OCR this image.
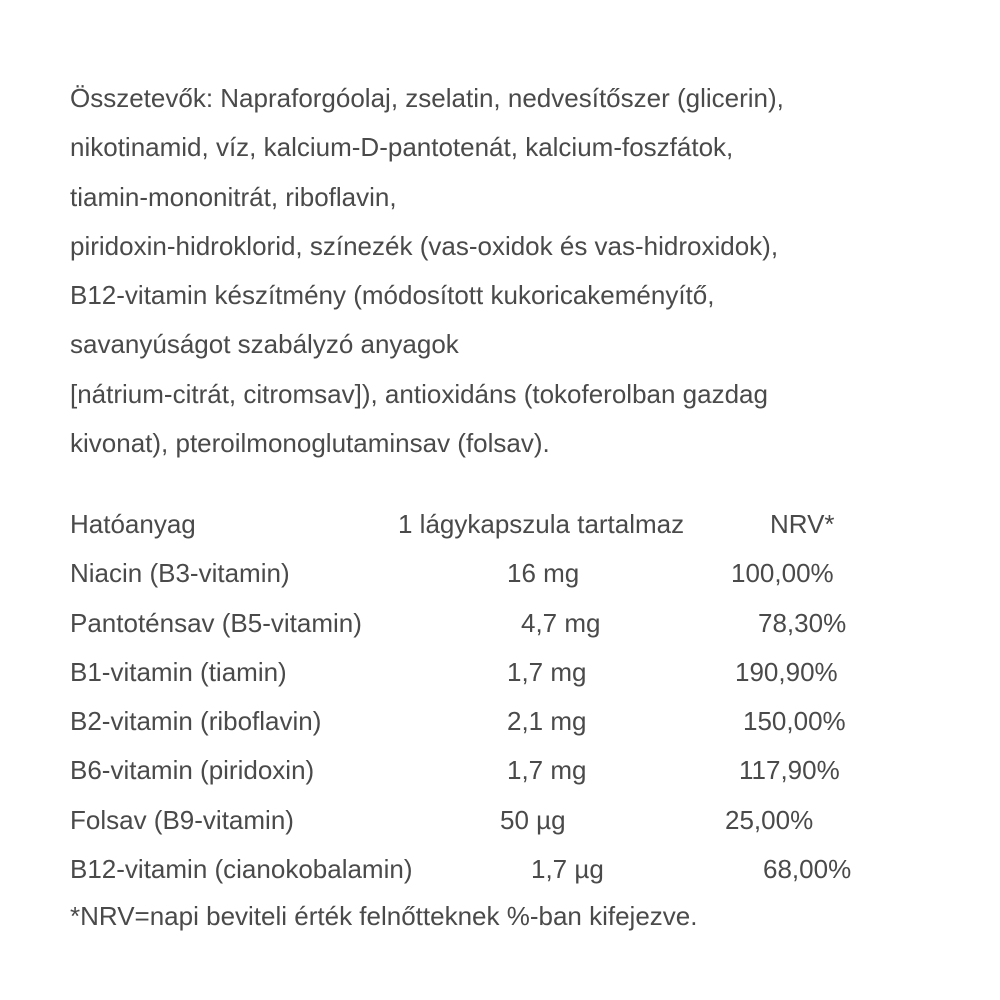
Összetevők: Napraforgóolaj, zselatin, nedvesítőszer (glicerin),
nikotinamid, víz, kalcium-D-pantotenát, kalcium-foszfátok,
tiamin-mononitrát, riboflavin,
piridoxin-hidroklorid, színezék (vas-oxidok és vas-hidroxidok),
B12-vitamin készítmény (módosított kukoricakeményítő,
savanyúságot szabályzó anyagok
[nátrium-citrát, citromsav]), antioxidáns (tokoferolban gazdag
kivonat), pteroilmonoglutaminsav (folsav).
Hatóanyag	1 lágykapszula tartalmaz	NRV*
Niacin (B3-vitamin)	16 mg	100,00%
Pantoténsav (B5-vitamin)	4,7 mg	78,30%
B1-vitamin (tiamin)	1,7 mg	190,90%
B2-vitamin (riboflavin)	2,1 mg	150,00%
B6-vitamin (piridoxin)	1,7 mg	117,90%
Folsav (B9-vitamin)	50 µg	25,00%
B12-vitamin (cianokobalamin)	1,7 µg	68,00%
*NRV=napi beviteli érték felnőtteknek %-ban kifejezve.
